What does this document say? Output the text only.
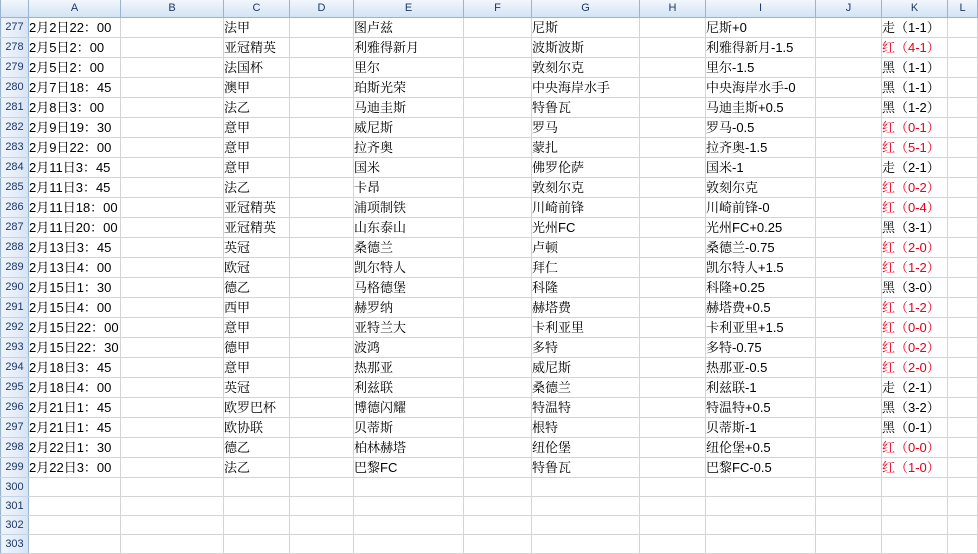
	A	B	C	D	E	F	G	H	I	J	K	L
277	2月2日22：00		法甲		图卢兹		尼斯		尼斯+0		走（1-1）	
278	2月5日2：00		亚冠精英		利雅得新月		波斯波斯		利雅得新月-1.5		红（4-1）	
279	2月5日2：00		法国杯		里尔		敦刻尔克		里尔-1.5		黑（1-1）	
280	2月7日18：45		澳甲		珀斯光荣		中央海岸水手		中央海岸水手-0		黑（1-1）	
281	2月8日3：00		法乙		马迪圭斯		特鲁瓦		马迪圭斯+0.5		黑（1-2）	
282	2月9日19：30		意甲		威尼斯		罗马		罗马-0.5		红（0-1）	
283	2月9日22：00		意甲		拉齐奥		蒙扎		拉齐奥-1.5		红（5-1）	
284	2月11日3：45		意甲		国米		佛罗伦萨		国米-1		走（2-1）	
285	2月11日3：45		法乙		卡昂		敦刻尔克		敦刻尔克		红（0-2）	
286	2月11日18：00		亚冠精英		浦项制铁		川崎前锋		川崎前锋-0		红（0-4）	
287	2月11日20：00		亚冠精英		山东泰山		光州FC		光州FC+0.25		黑（3-1）	
288	2月13日3：45		英冠		桑德兰		卢顿		桑德兰-0.75		红（2-0）	
289	2月13日4：00		欧冠		凯尔特人		拜仁		凯尔特人+1.5		红（1-2）	
290	2月15日1：30		德乙		马格德堡		科隆		科隆+0.25		黑（3-0）	
291	2月15日4：00		西甲		赫罗纳		赫塔费		赫塔费+0.5		红（1-2）	
292	2月15日22：00		意甲		亚特兰大		卡利亚里		卡利亚里+1.5		红（0-0）	
293	2月15日22：30		德甲		波鸿		多特		多特-0.75		红（0-2）	
294	2月18日3：45		意甲		热那亚		威尼斯		热那亚-0.5		红（2-0）	
295	2月18日4：00		英冠		利兹联		桑德兰		利兹联-1		走（2-1）	
296	2月21日1：45		欧罗巴杯		博德闪耀		特温特		特温特+0.5		黑（3-2）	
297	2月21日1：45		欧协联		贝蒂斯		根特		贝蒂斯-1		黑（0-1）	
298	2月22日1：30		德乙		柏林赫塔		纽伦堡		纽伦堡+0.5		红（0-0）	
299	2月22日3：00		法乙		巴黎FC		特鲁瓦		巴黎FC-0.5		红（1-0）	
300												
301												
302												
303												
